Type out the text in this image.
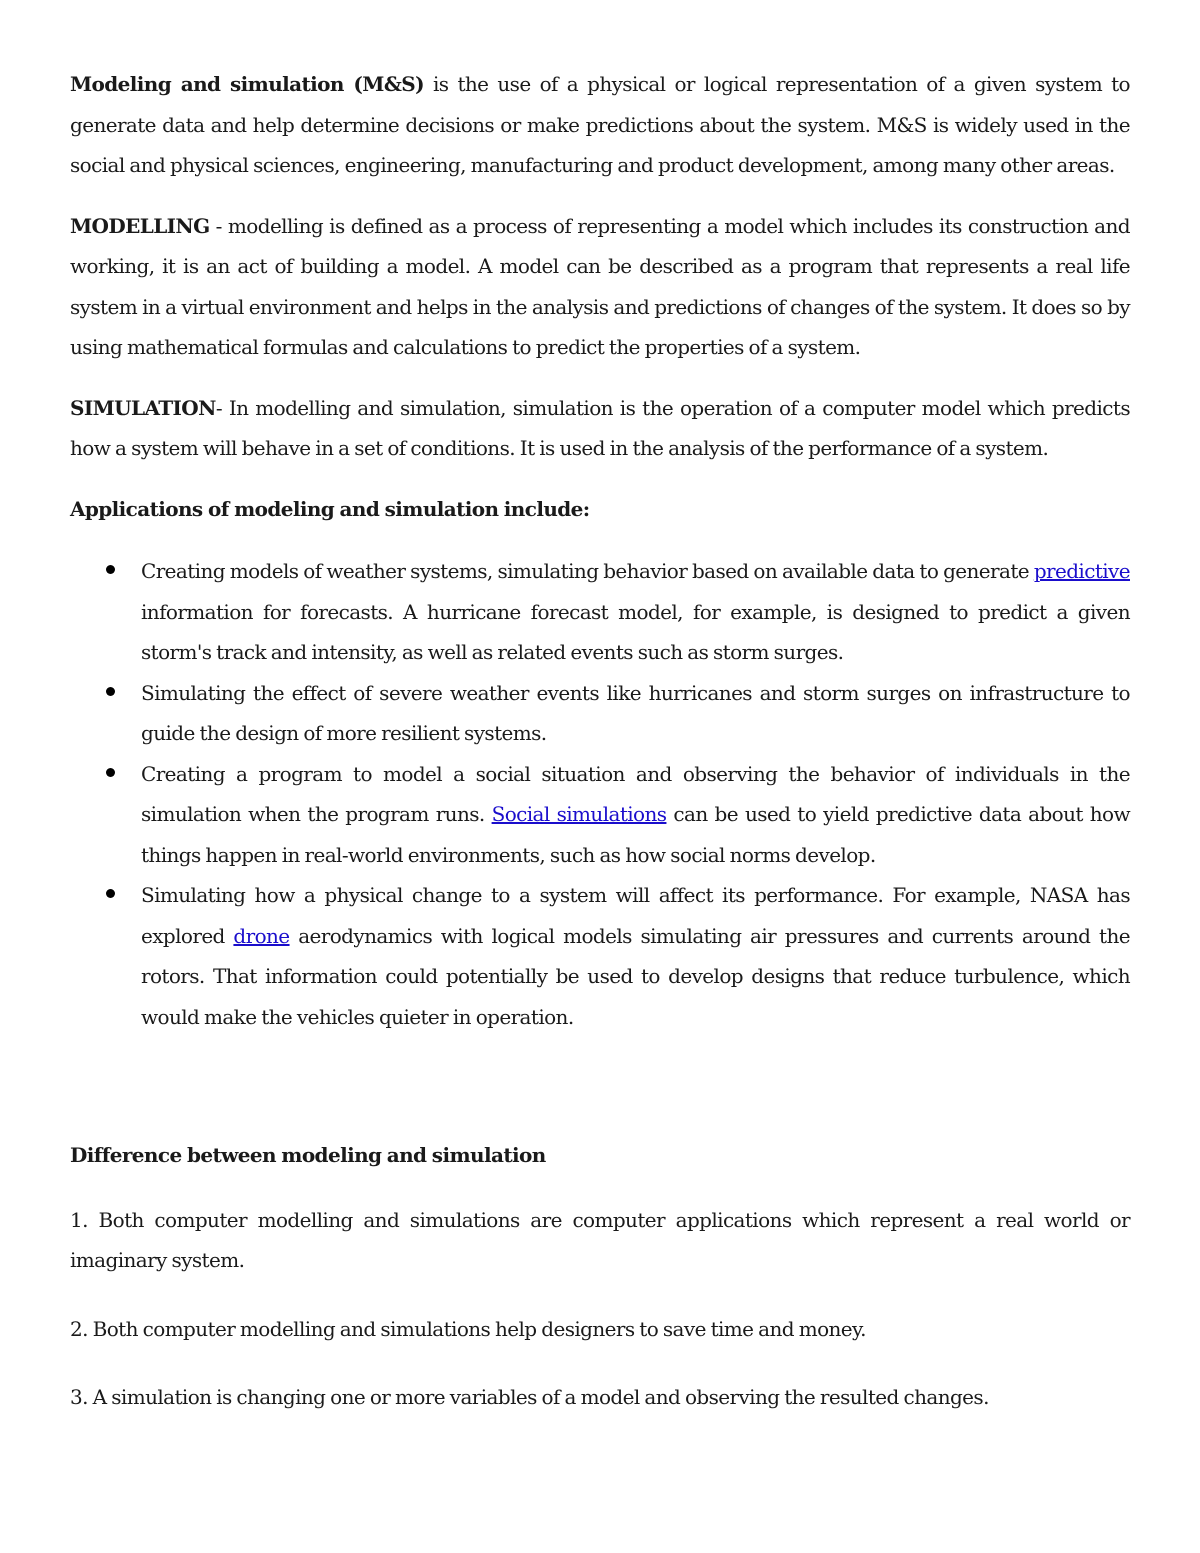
Modeling and simulation (M&S) is the use of a physical or logical representation of a given system to generate data and help determine decisions or make predictions about the system. M&S is widely used in the social and physical sciences, engineering, manufacturing and product development, among many other areas.

MODELLING - modelling is defined as a process of representing a model which includes its construction and working, it is an act of building a model. A model can be described as a program that represents a real life system in a virtual environment and helps in the analysis and predictions of changes of the system. It does so by using mathematical formulas and calculations to predict the properties of a system.

SIMULATION- In modelling and simulation, simulation is the operation of a computer model which predicts how a system will behave in a set of conditions. It is used in the analysis of the performance of a system.

Applications of modeling and simulation include:

Creating models of weather systems, simulating behavior based on available data to generate predictive information for forecasts. A hurricane forecast model, for example, is designed to predict a given storm's track and intensity, as well as related events such as storm surges.
Simulating the effect of severe weather events like hurricanes and storm surges on infrastructure to guide the design of more resilient systems.
Creating a program to model a social situation and observing the behavior of individuals in the simulation when the program runs. Social simulations can be used to yield predictive data about how things happen in real-world environments, such as how social norms develop.
Simulating how a physical change to a system will affect its performance. For example, NASA has explored drone aerodynamics with logical models simulating air pressures and currents around the rotors. That information could potentially be used to develop designs that reduce turbulence, which would make the vehicles quieter in operation.

Difference between modeling and simulation

1. Both computer modelling and simulations are computer applications which represent a real world or imaginary system.

2. Both computer modelling and simulations help designers to save time and money.

3. A simulation is changing one or more variables of a model and observing the resulted changes.
